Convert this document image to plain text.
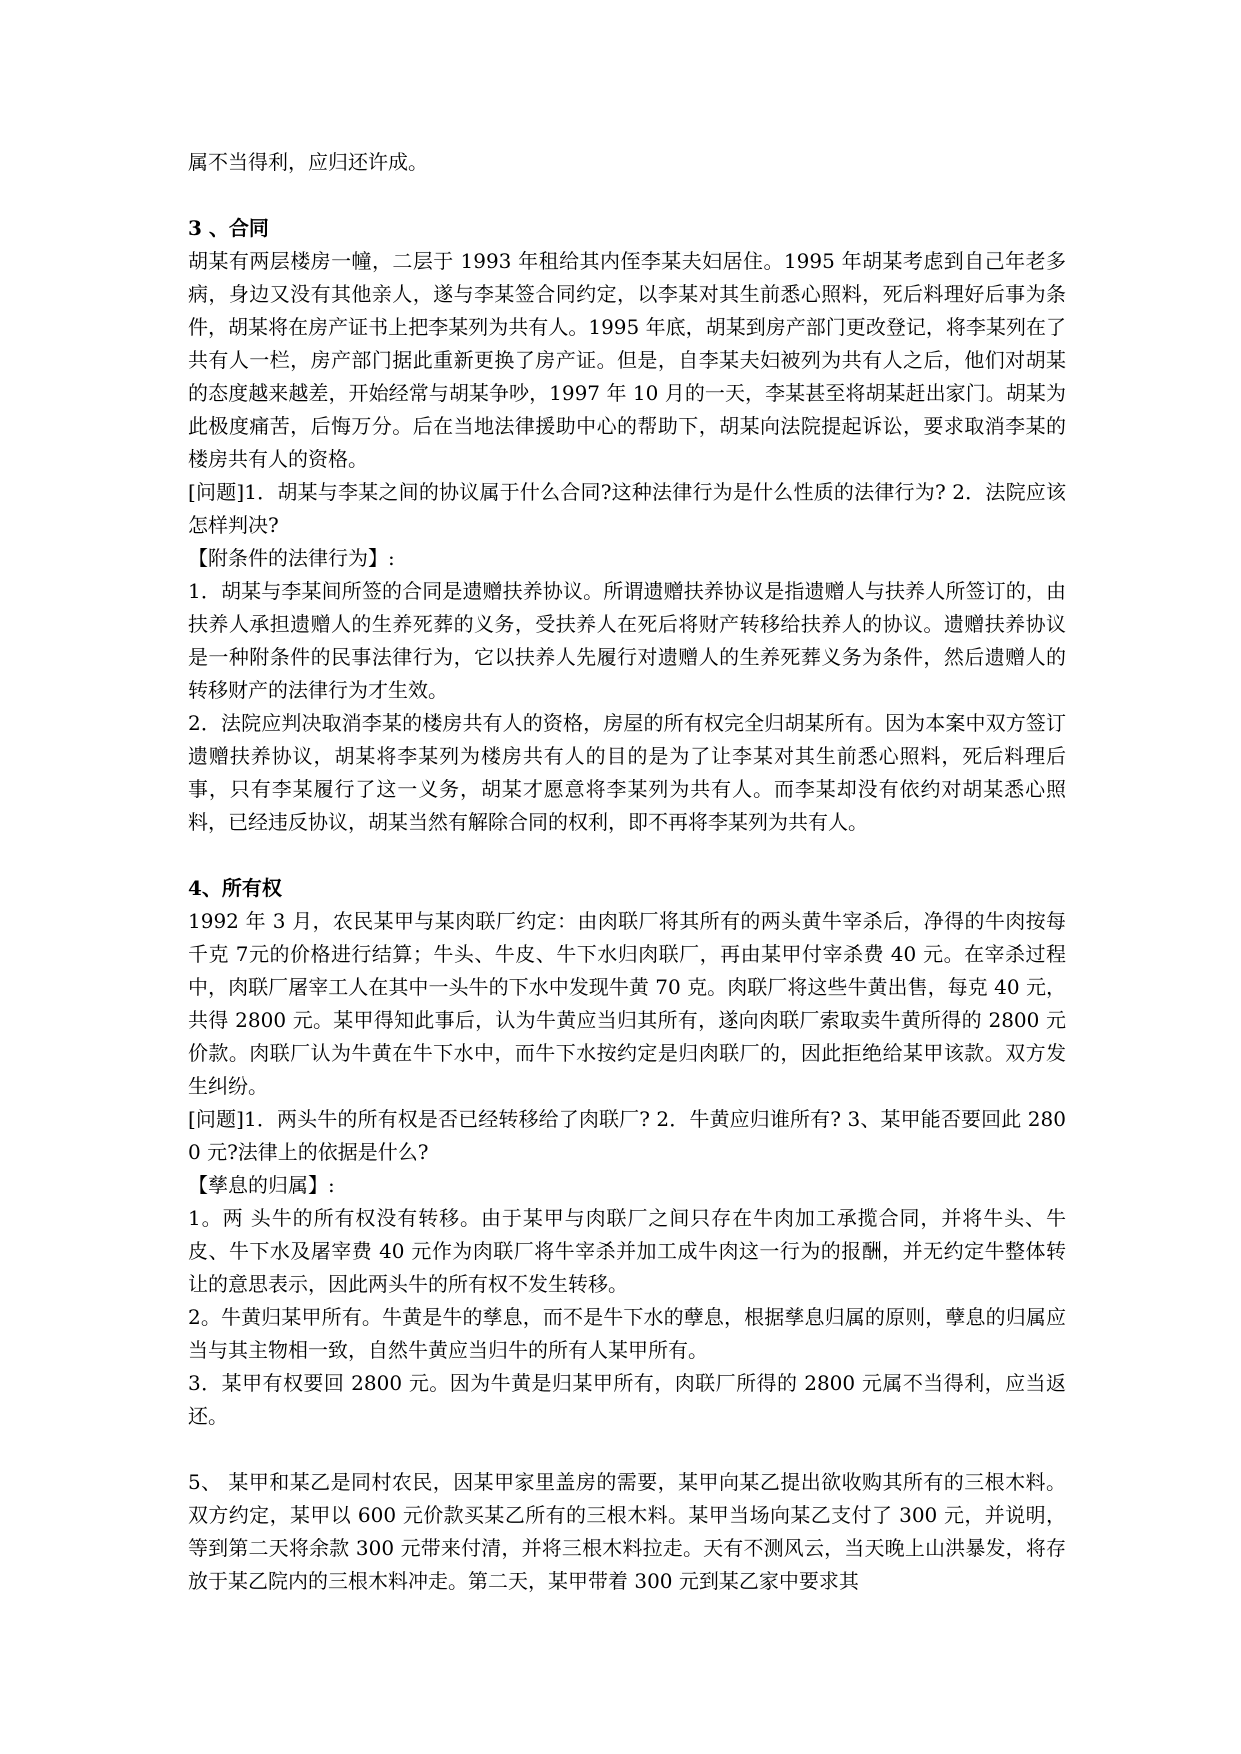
属不当得利，应归还许成。

3 、合同

胡某有两层楼房一幢，二层于 1993 年租给其内侄李某夫妇居住。1995 年胡某考虑到自己年老多病，身边又没有其他亲人，遂与李某签合同约定，以李某对其生前悉心照料，死后料理好后事为条件，胡某将在房产证书上把李某列为共有人。1995 年底，胡某到房产部门更改登记，将李某列在了共有人一栏，房产部门据此重新更换了房产证。但是，自李某夫妇被列为共有人之后，他们对胡某的态度越来越差，开始经常与胡某争吵，1997 年 10 月的一天，李某甚至将胡某赶出家门。胡某为此极度痛苦，后悔万分。后在当地法律援助中心的帮助下，胡某向法院提起诉讼，要求取消李某的楼房共有人的资格。

[问题]1．胡某与李某之间的协议属于什么合同?这种法律行为是什么性质的法律行为? 2．法院应该怎样判决?

【附条件的法律行为】:

1．胡某与李某间所签的合同是遗赠扶养协议。所谓遗赠扶养协议是指遗赠人与扶养人所签订的，由扶养人承担遗赠人的生养死葬的义务，受扶养人在死后将财产转移给扶养人的协议。遗赠扶养协议是一种附条件的民事法律行为，它以扶养人先履行对遗赠人的生养死葬义务为条件，然后遗赠人的转移财产的法律行为才生效。

2．法院应判决取消李某的楼房共有人的资格，房屋的所有权完全归胡某所有。因为本案中双方签订遗赠扶养协议，胡某将李某列为楼房共有人的目的是为了让李某对其生前悉心照料，死后料理后事，只有李某履行了这一义务，胡某才愿意将李某列为共有人。而李某却没有依约对胡某悉心照料，已经违反协议，胡某当然有解除合同的权利，即不再将李某列为共有人。

4、所有权

1992 年 3 月，农民某甲与某肉联厂约定：由肉联厂将其所有的两头黄牛宰杀后，净得的牛肉按每千克 7元的价格进行结算；牛头、牛皮、牛下水归肉联厂，再由某甲付宰杀费 40 元。在宰杀过程中，肉联厂屠宰工人在其中一头牛的下水中发现牛黄 70 克。肉联厂将这些牛黄出售，每克 40 元，共得 2800 元。某甲得知此事后，认为牛黄应当归其所有，遂向肉联厂索取卖牛黄所得的 2800 元价款。肉联厂认为牛黄在牛下水中，而牛下水按约定是归肉联厂的，因此拒绝给某甲该款。双方发生纠纷。

[问题]1．两头牛的所有权是否已经转移给了肉联厂? 2．牛黄应归谁所有? 3、某甲能否要回此 2800 元?法律上的依据是什么?

【孳息的归属】:

1。两 头牛的所有权没有转移。由于某甲与肉联厂之间只存在牛肉加工承揽合同，并将牛头、牛皮、牛下水及屠宰费 40 元作为肉联厂将牛宰杀并加工成牛肉这一行为的报酬，并无约定牛整体转让的意思表示，因此两头牛的所有权不发生转移。

2。牛黄归某甲所有。牛黄是牛的孳息，而不是牛下水的孽息，根据孳息归属的原则，孽息的归属应当与其主物相一致，自然牛黄应当归牛的所有人某甲所有。

3．某甲有权要回 2800 元。因为牛黄是归某甲所有，肉联厂所得的 2800 元属不当得利，应当返还。

5、 某甲和某乙是同村农民，因某甲家里盖房的需要，某甲向某乙提出欲收购其所有的三根木料。双方约定，某甲以 600 元价款买某乙所有的三根木料。某甲当场向某乙支付了 300 元，并说明，等到第二天将余款 300 元带来付清，并将三根木料拉走。天有不测风云，当天晚上山洪暴发，将存放于某乙院内的三根木料冲走。第二天，某甲带着 300 元到某乙家中要求其
